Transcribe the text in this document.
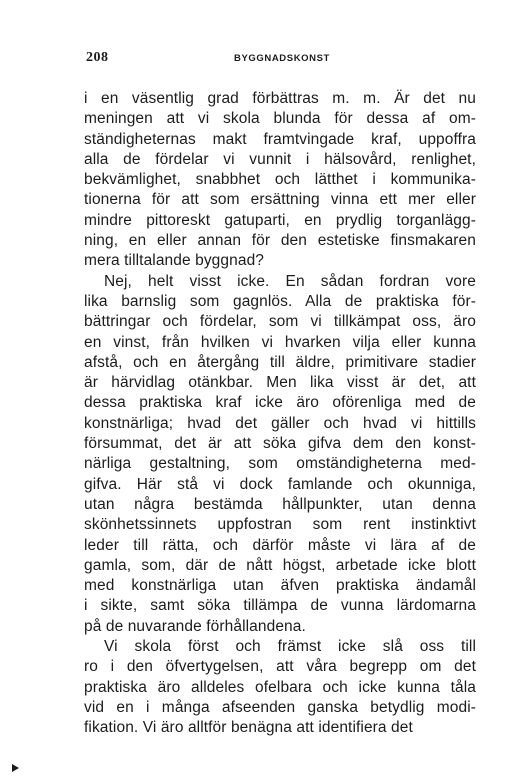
208	BYGGNADSKONST
i en väsentlig grad förbättras m. m. Är det nu
meningen att vi skola blunda för dessa af om-
ständigheternas makt framtvingade kraf, uppoffra
alla de fördelar vi vunnit i hälsovård, renlighet,
bekvämlighet, snabbhet och lätthet i kommunika-
tionerna för att som ersättning vinna ett mer eller
mindre pittoreskt gatuparti, en prydlig torganlägg-
ning, en eller annan för den estetiske finsmakaren
mera tilltalande byggnad?
Nej, helt visst icke. En sådan fordran vore
lika barnslig som gagnlös. Alla de praktiska för-
bättringar och fördelar, som vi tillkämpat oss, äro
en vinst, från hvilken vi hvarken vilja eller kunna
afstå, och en återgång till äldre, primitivare stadier
är härvidlag otänkbar. Men lika visst är det, att
dessa praktiska kraf icke äro oförenliga med de
konstnärliga; hvad det gäller och hvad vi hittills
försummat, det är att söka gifva dem den konst-
närliga gestaltning, som omständigheterna med-
gifva. Här stå vi dock famlande och okunniga,
utan några bestämda hållpunkter, utan denna
skönhetssinnets uppfostran som rent instinktivt
leder till rätta, och därför måste vi lära af de
gamla, som, där de nått högst, arbetade icke blott
med konstnärliga utan äfven praktiska ändamål
i sikte, samt söka tillämpa de vunna lärdomarna
på de nuvarande förhållandena.
Vi skola först och främst icke slå oss till
ro i den öfvertygelsen, att våra begrepp om det
praktiska äro alldeles ofelbara och icke kunna tåla
vid en i många afseenden ganska betydlig modi-
fikation. Vi äro alltför benägna att identifiera det
